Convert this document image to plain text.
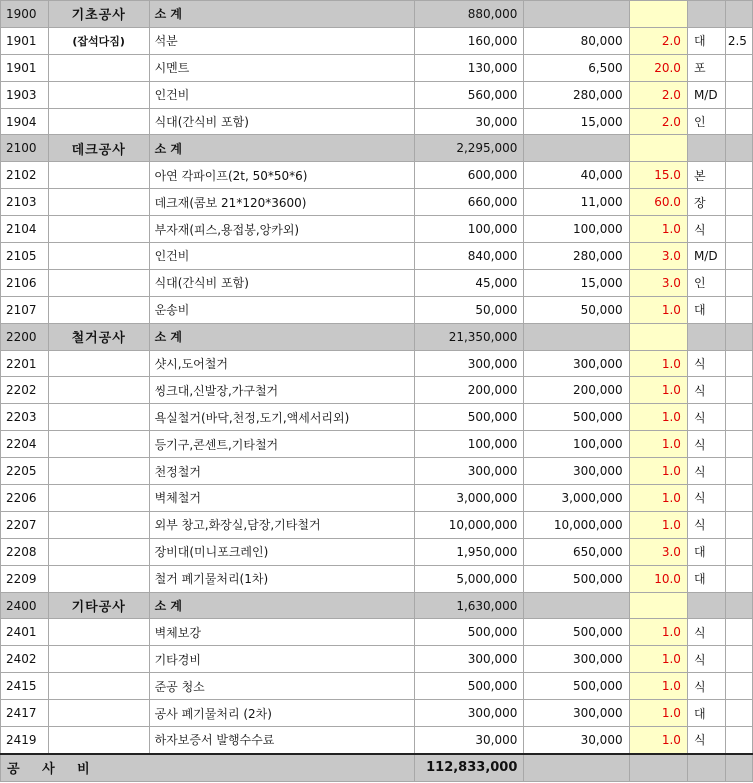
1900	기초공사	소 계	880,000				
1901	(잡석다짐)	석분	160,000	80,000	2.0	대	2.5
1901		시멘트	130,000	6,500	20.0	포	
1903		인건비	560,000	280,000	2.0	M/D	
1904		식대(간식비 포함)	30,000	15,000	2.0	인	
2100	데크공사	소 계	2,295,000				
2102		아연 각파이프(2t, 50*50*6)	600,000	40,000	15.0	본	
2103		데크재(콤보 21*120*3600)	660,000	11,000	60.0	장	
2104		부자재(피스,용접봉,앙카외)	100,000	100,000	1.0	식	
2105		인건비	840,000	280,000	3.0	M/D	
2106		식대(간식비 포함)	45,000	15,000	3.0	인	
2107		운송비	50,000	50,000	1.0	대	
2200	철거공사	소 계	21,350,000				
2201		샷시,도어철거	300,000	300,000	1.0	식	
2202		씽크대,신발장,가구철거	200,000	200,000	1.0	식	
2203		욕실철거(바닥,천정,도기,액세서리외)	500,000	500,000	1.0	식	
2204		등기구,콘센트,기타철거	100,000	100,000	1.0	식	
2205		천정철거	300,000	300,000	1.0	식	
2206		벽체철거	3,000,000	3,000,000	1.0	식	
2207		외부 창고,화장실,담장,기타철거	10,000,000	10,000,000	1.0	식	
2208		장비대(미니포크레인)	1,950,000	650,000	3.0	대	
2209		철거 폐기물처리(1차)	5,000,000	500,000	10.0	대	
2400	기타공사	소 계	1,630,000				
2401		벽체보강	500,000	500,000	1.0	식	
2402		기타경비	300,000	300,000	1.0	식	
2415		준공 청소	500,000	500,000	1.0	식	
2417		공사 폐기물처리 (2차)	300,000	300,000	1.0	대	
2419		하자보증서 발행수수료	30,000	30,000	1.0	식	
공 사 비			112,833,000				
